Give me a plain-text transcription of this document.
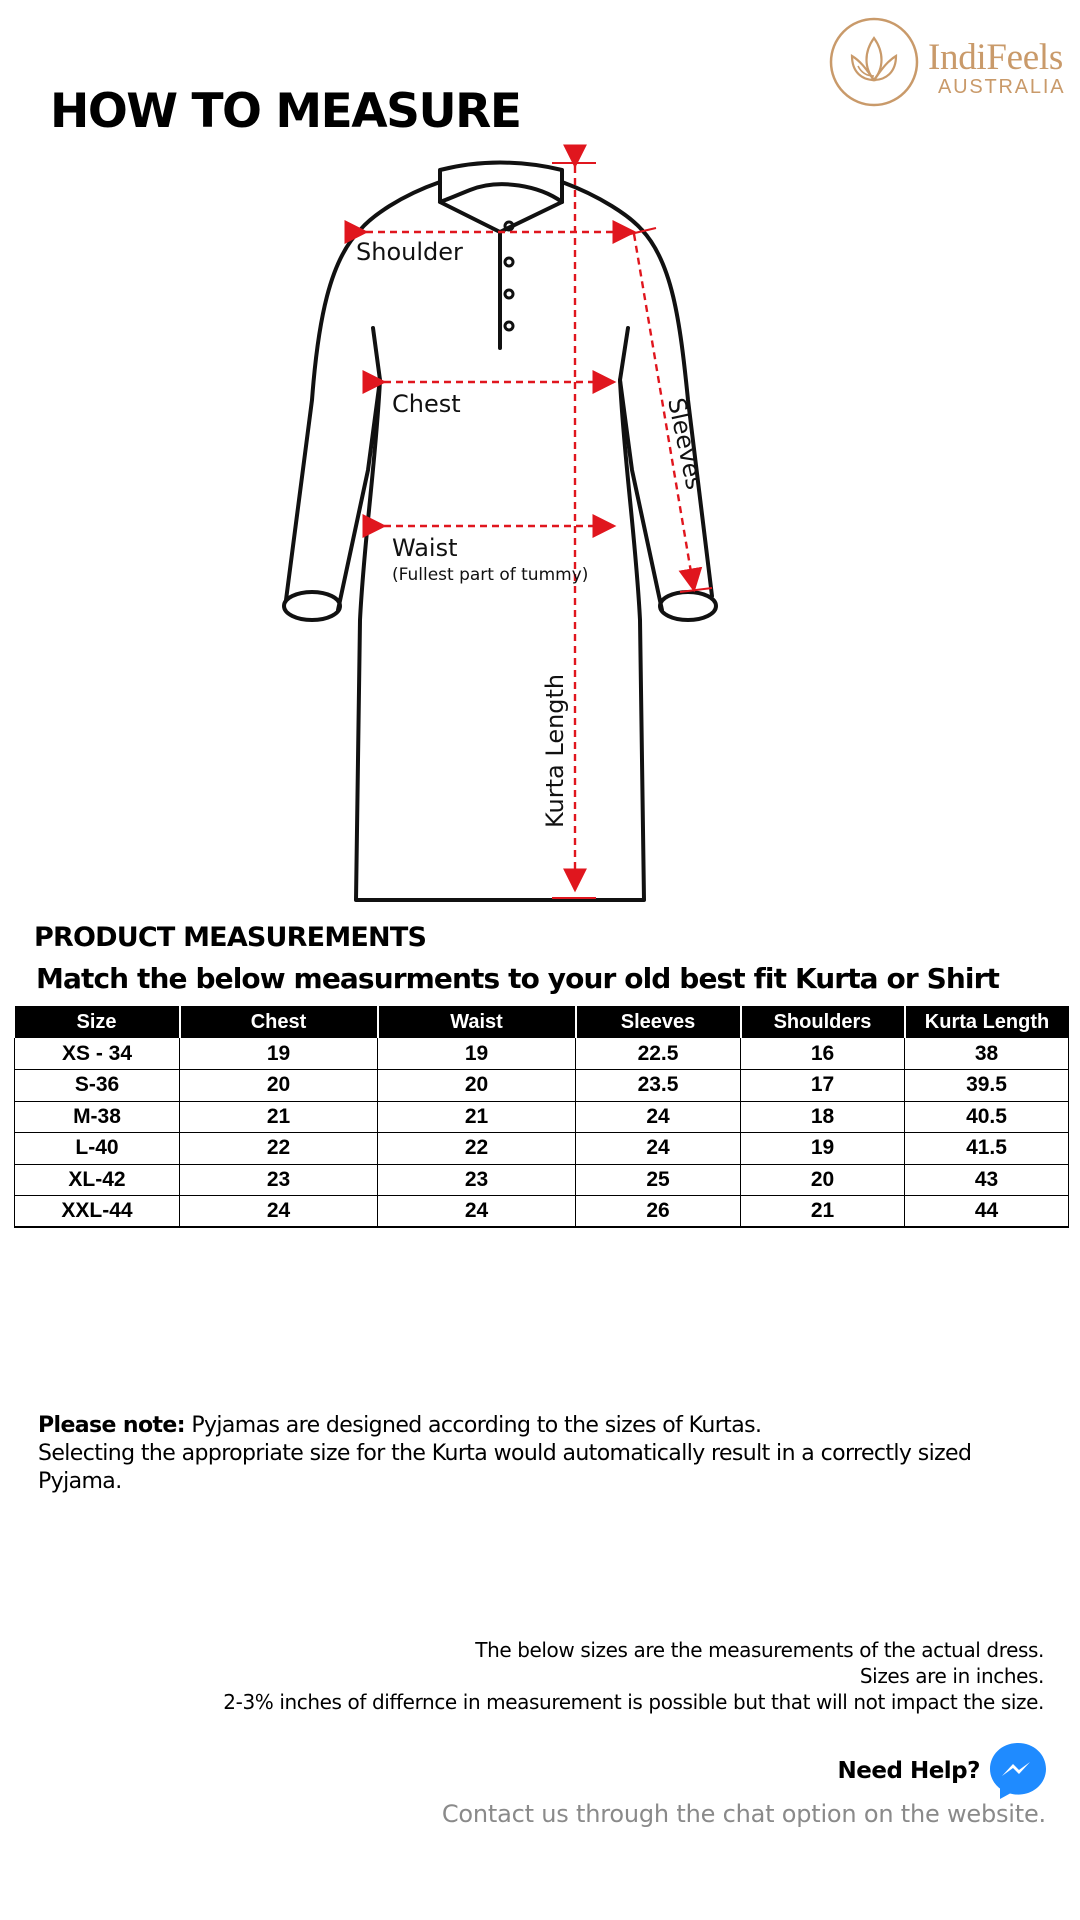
IndiFeels
AUSTRALIA
HOW TO MEASURE
Shoulder
Chest
Waist
(Fullest part of tummy)
Sleeves
Kurta Length
PRODUCT MEASUREMENTS
Match the below measurments to your old best fit Kurta or Shirt
Size	Chest	Waist	Sleeves	Shoulders	Kurta Length
XS - 34	19	19	22.5	16	38
S-36	20	20	23.5	17	39.5
M-38	21	21	24	18	40.5
L-40	22	22	24	19	41.5
XL-42	23	23	25	20	43
XXL-44	24	24	26	21	44
Please note: Pyjamas are designed according to the sizes of Kurtas.
Selecting the appropriate size for the Kurta would automatically result in a correctly sized Pyjama.
The below sizes are the measurements of the actual dress.
Sizes are in inches.
2-3% inches of differnce in measurement is possible but that will not impact the size.
Need Help?
Contact us through the chat option on the website.
